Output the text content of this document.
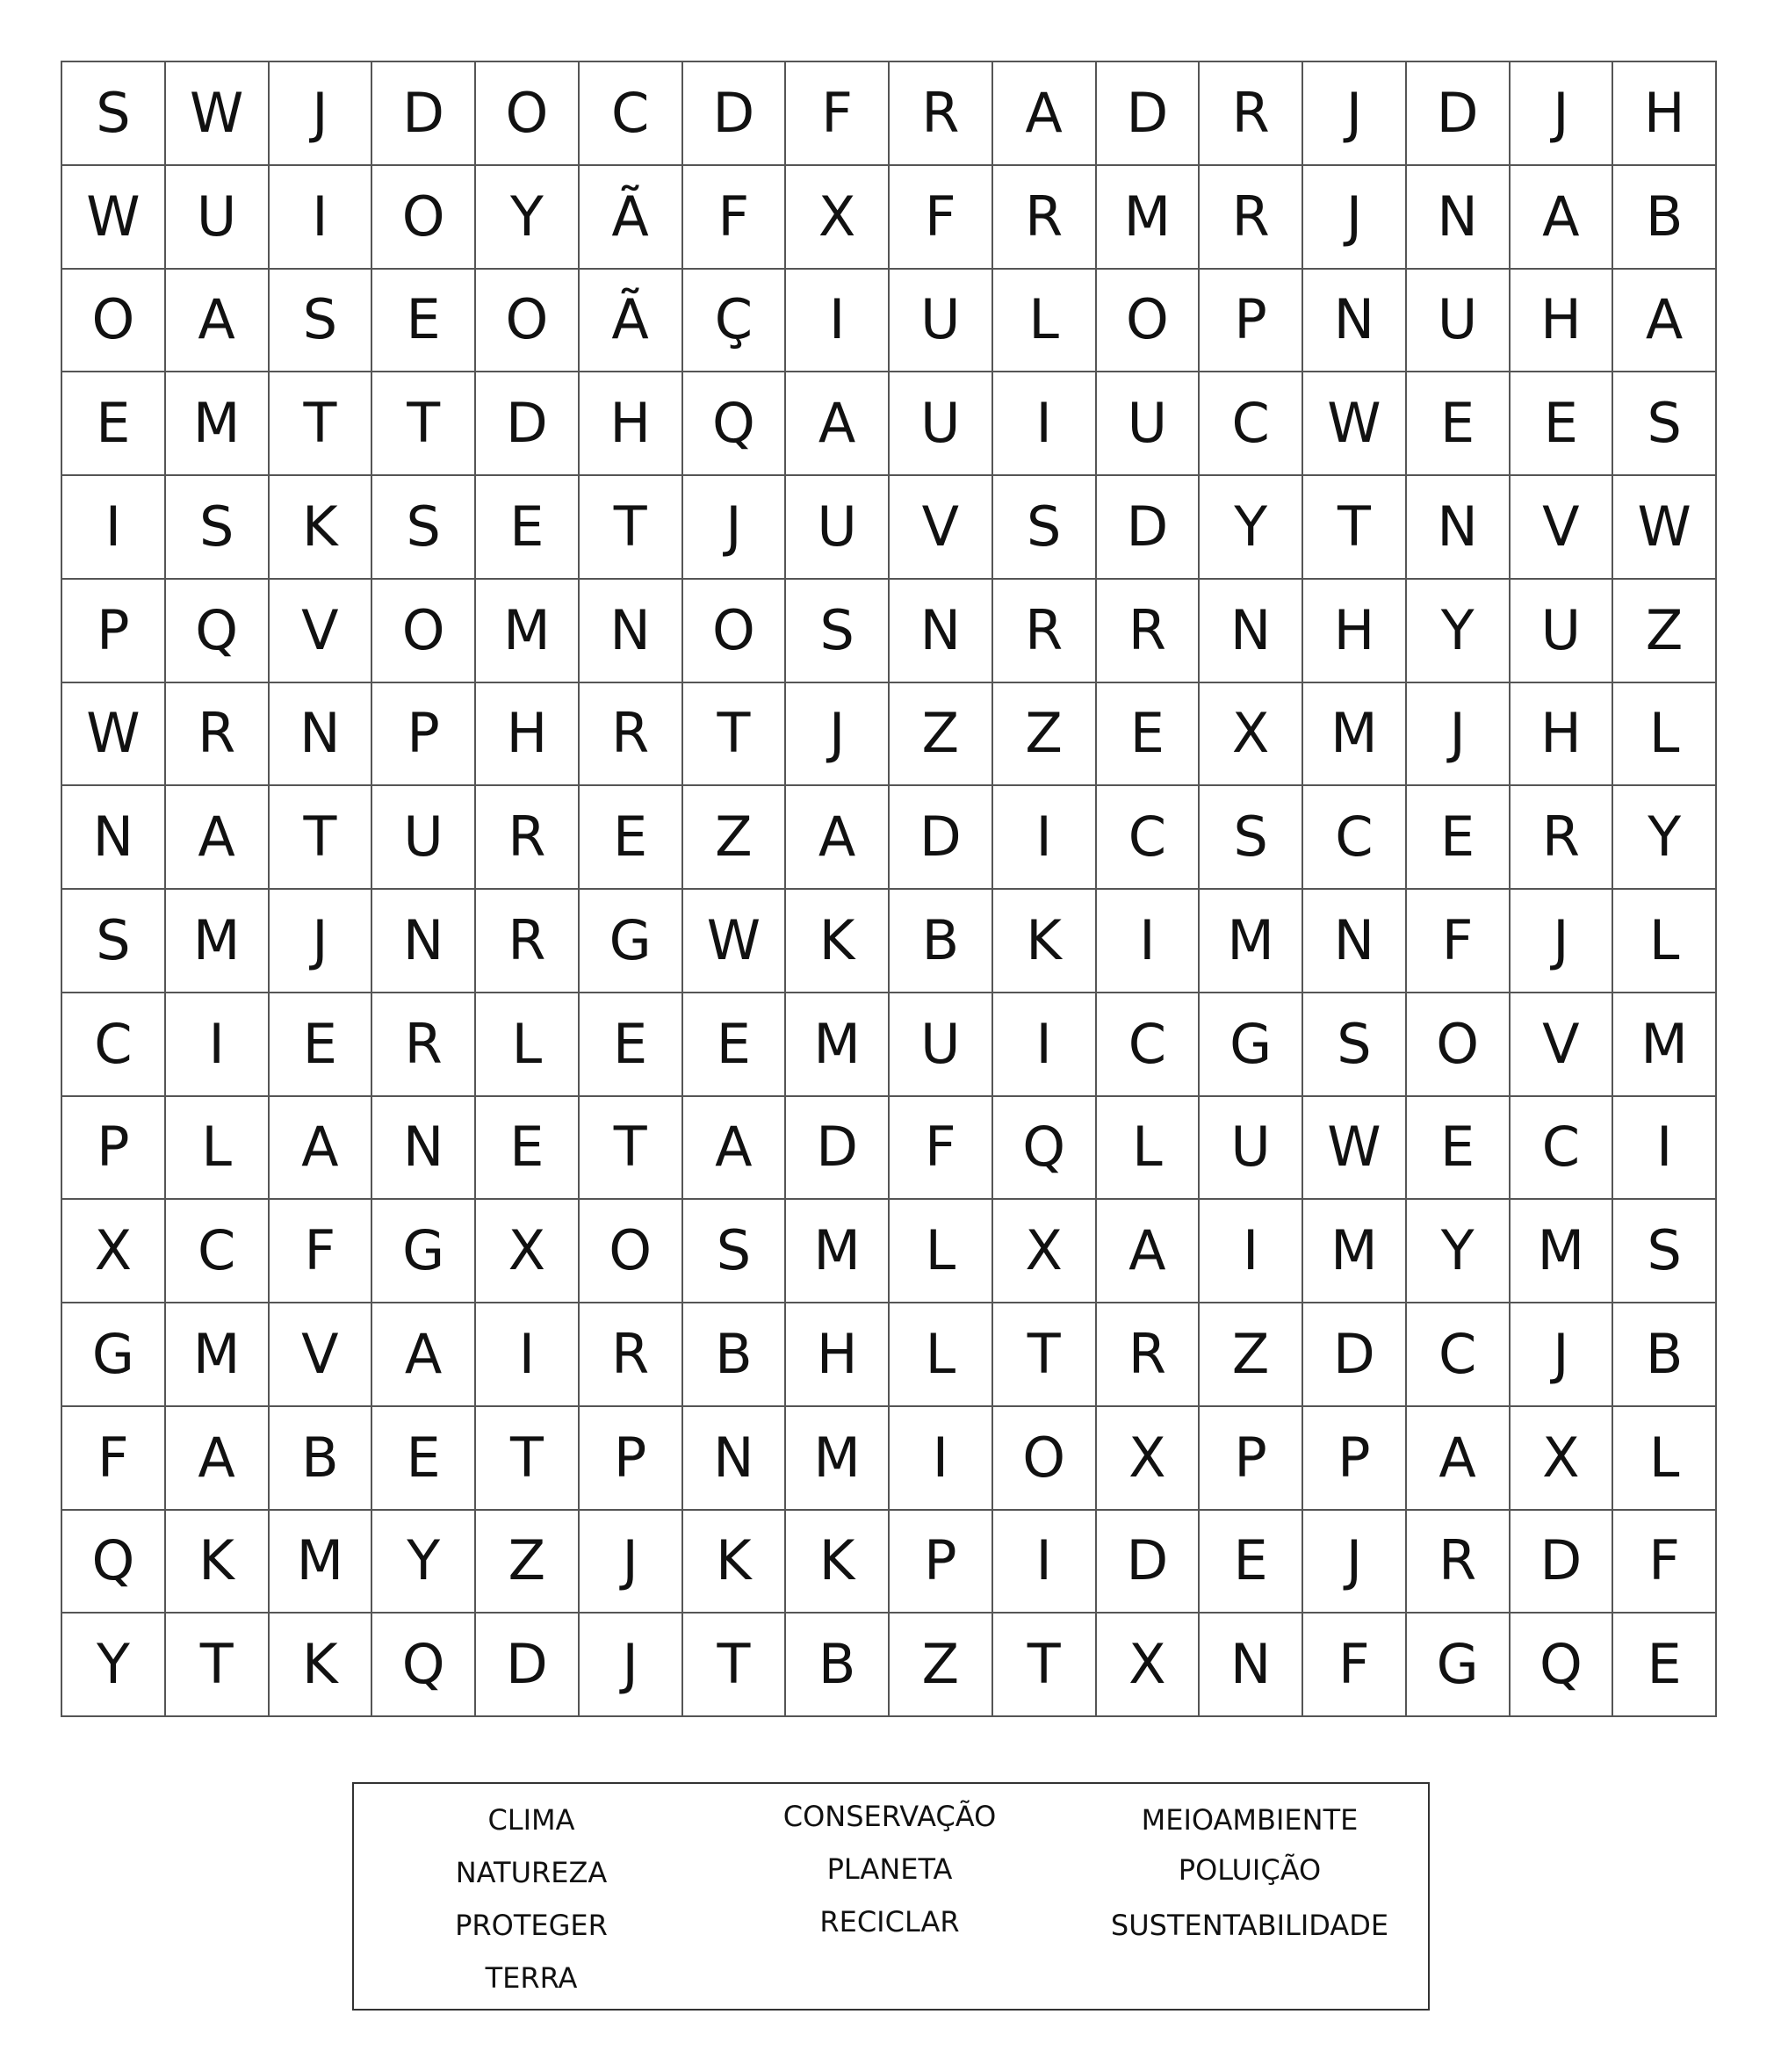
S	W	J	D	O	C	D	F	R	A	D	R	J	D	J	H
W	U	I	O	Y	Ã	F	X	F	R	M	R	J	N	A	B
O	A	S	E	O	Ã	Ç	I	U	L	O	P	N	U	H	A
E	M	T	T	D	H	Q	A	U	I	U	C	W	E	E	S
I	S	K	S	E	T	J	U	V	S	D	Y	T	N	V	W
P	Q	V	O	M	N	O	S	N	R	R	N	H	Y	U	Z
W	R	N	P	H	R	T	J	Z	Z	E	X	M	J	H	L
N	A	T	U	R	E	Z	A	D	I	C	S	C	E	R	Y
S	M	J	N	R	G	W	K	B	K	I	M	N	F	J	L
C	I	E	R	L	E	E	M	U	I	C	G	S	O	V	M
P	L	A	N	E	T	A	D	F	Q	L	U	W	E	C	I
X	C	F	G	X	O	S	M	L	X	A	I	M	Y	M	S
G	M	V	A	I	R	B	H	L	T	R	Z	D	C	J	B
F	A	B	E	T	P	N	M	I	O	X	P	P	A	X	L
Q	K	M	Y	Z	J	K	K	P	I	D	E	J	R	D	F
Y	T	K	Q	D	J	T	B	Z	T	X	N	F	G	Q	E
CLIMA
NATUREZA
PROTEGER
TERRA
CONSERVAÇÃO
PLANETA
RECICLAR
MEIOAMBIENTE
POLUIÇÃO
SUSTENTABILIDADE
